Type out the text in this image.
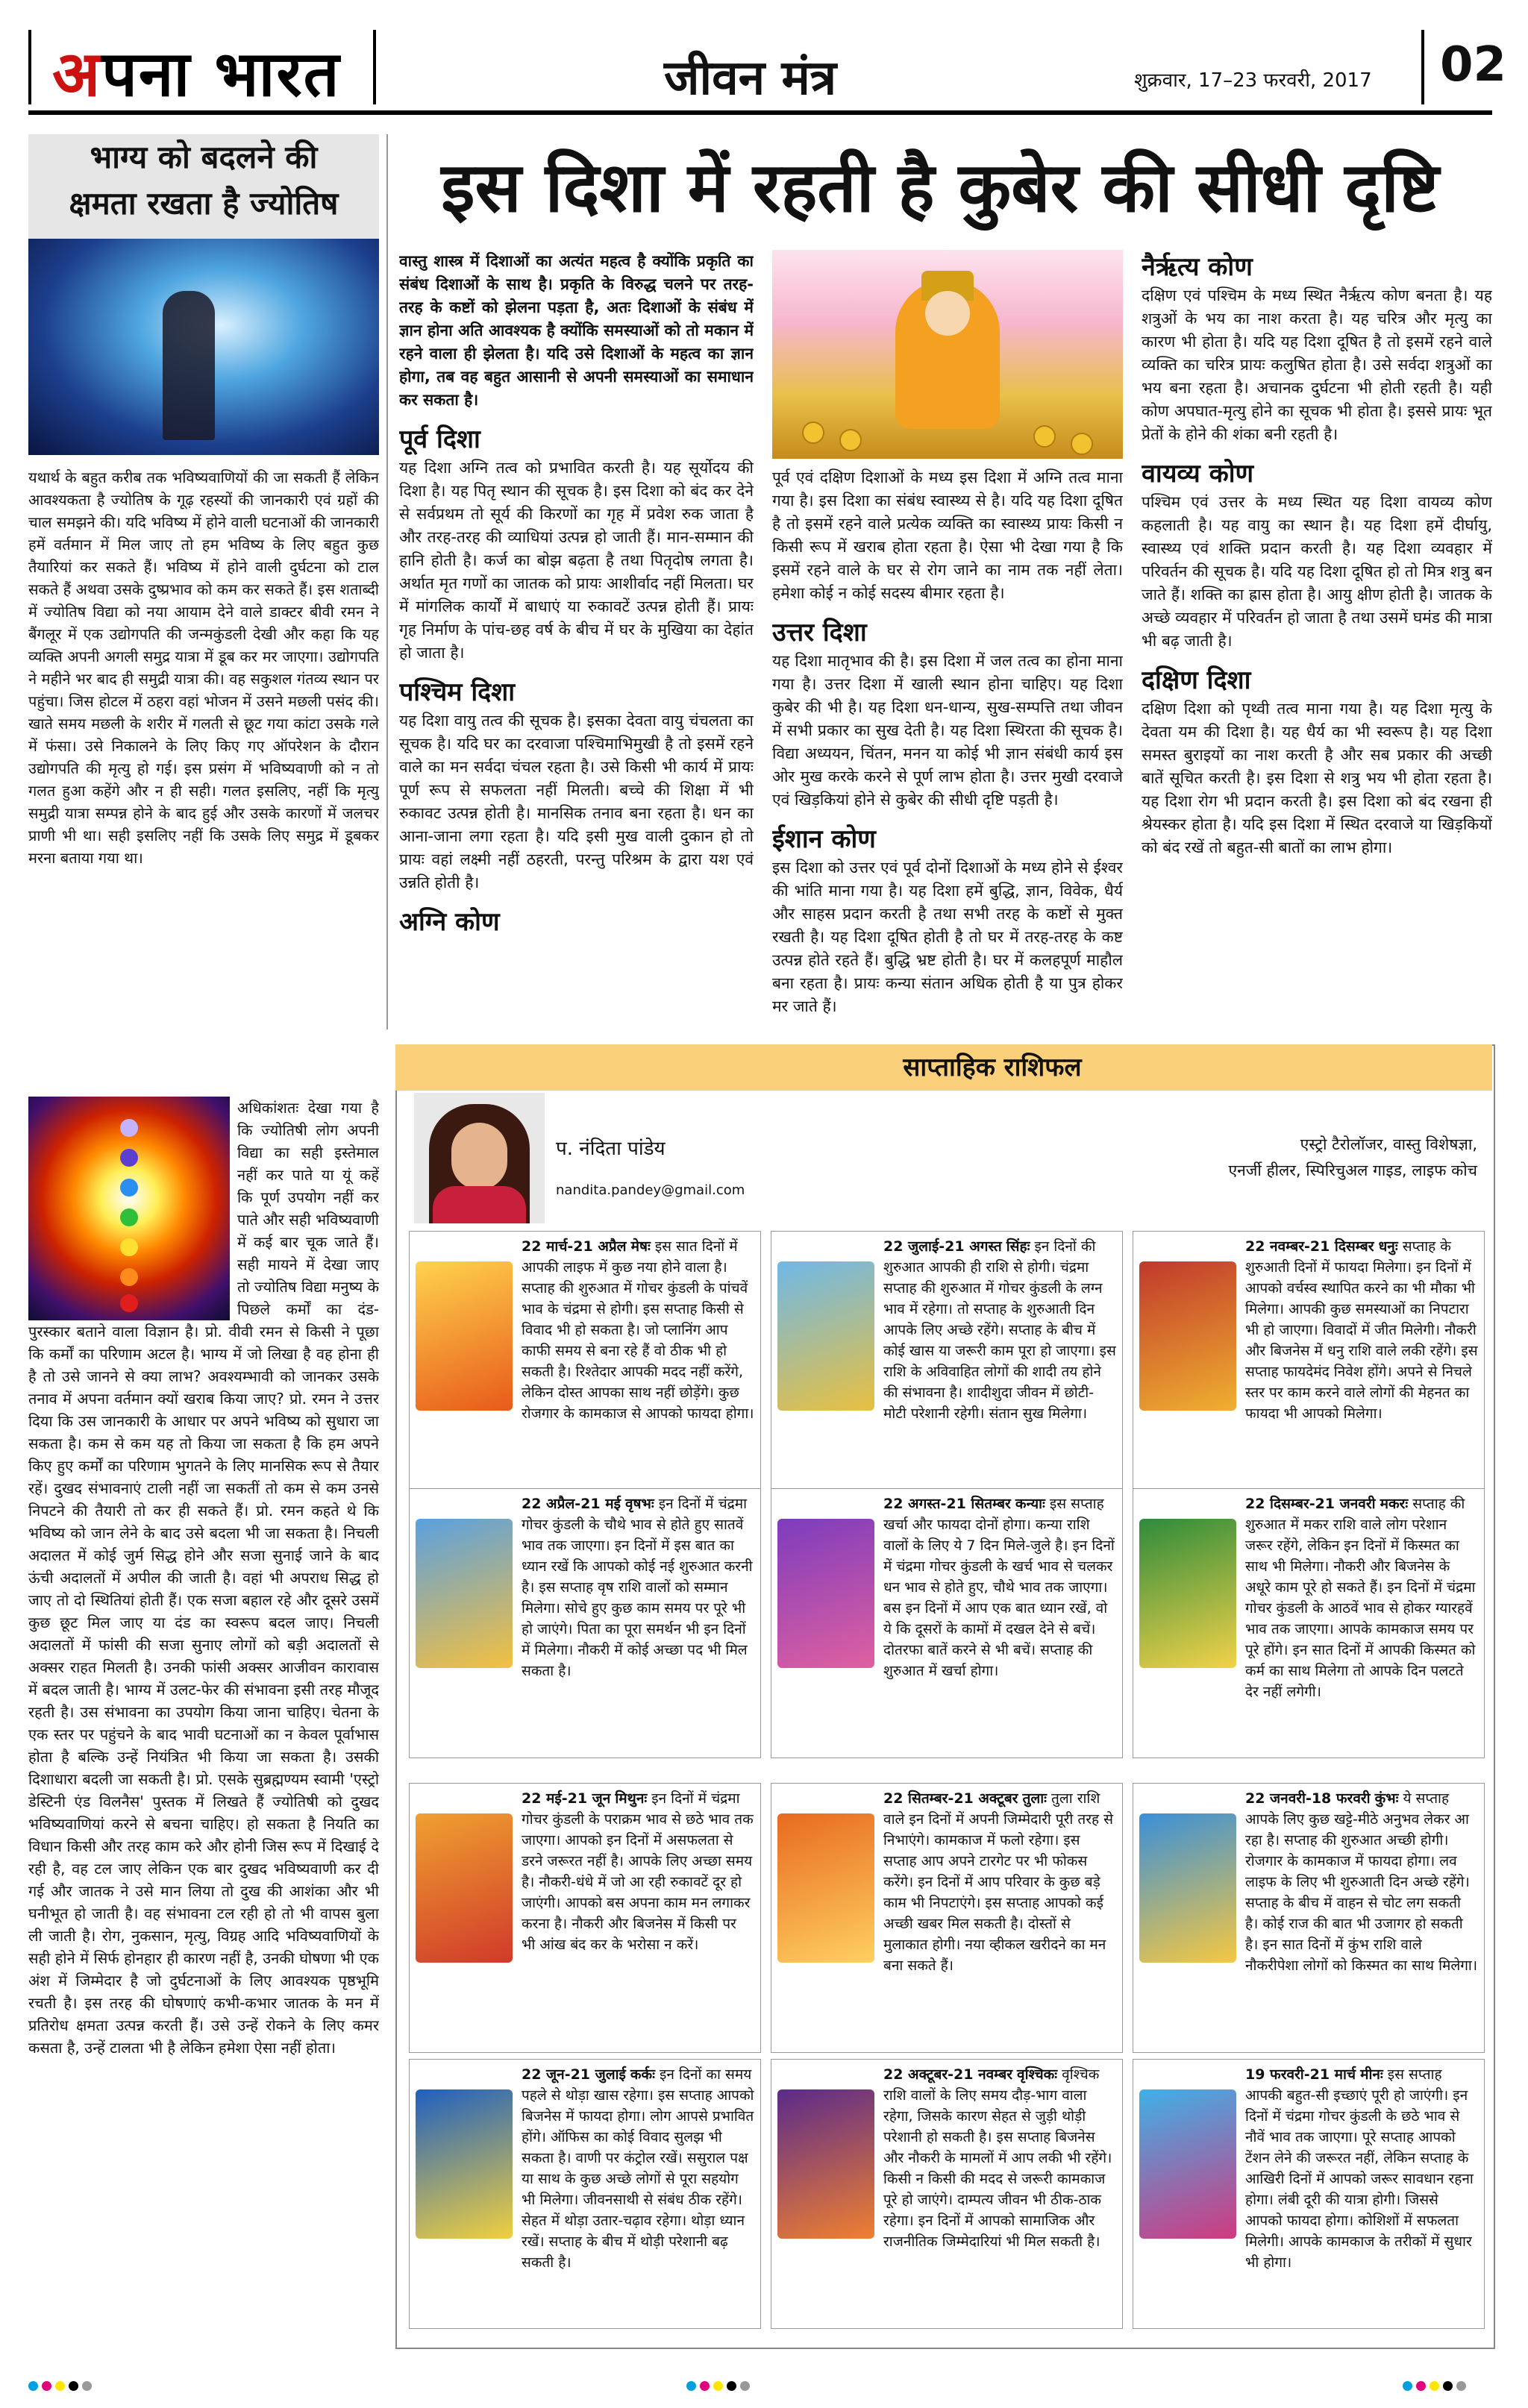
अपना भारत	जीवन मंत्र	शुक्रवार, 17–23 फरवरी, 2017 02
भाग्य को बदलने की
क्षमता रखता है ज्योतिष
यथार्थ के बहुत करीब तक भविष्यवाणियों की जा सकती हैं लेकिन आवश्यकता है ज्योतिष के गूढ़ रहस्यों की जानकारी एवं ग्रहों की चाल समझने की। यदि भविष्य में होने वाली घटनाओं की जानकारी हमें वर्तमान में मिल जाए तो हम भविष्य के लिए बहुत कुछ तैयारियां कर सकते हैं। भविष्य में होने वाली दुर्घटना को टाल सकते हैं अथवा उसके दुष्प्रभाव को कम कर सकते हैं। इस शताब्दी में ज्योतिष विद्या को नया आयाम देने वाले डाक्टर बीवी रमन ने बैंगलूर में एक उद्योगपति की जन्मकुंडली देखी और कहा कि यह व्यक्ति अपनी अगली समुद्र यात्रा में डूब कर मर जाएगा। उद्योगपति ने महीने भर बाद ही समुद्री यात्रा की। वह सकुशल गंतव्य स्थान पर पहुंचा। जिस होटल में ठहरा वहां भोजन में उसने मछली पसंद की। खाते समय मछली के शरीर में गलती से छूट गया कांटा उसके गले में फंसा। उसे निकालने के लिए किए गए ऑपरेशन के दौरान उद्योगपति की मृत्यु हो गई। इस प्रसंग में भविष्यवाणी को न तो गलत हुआ कहेंगे और न ही सही। गलत इसलिए, नहीं कि मृत्यु समुद्री यात्रा सम्पन्न होने के बाद हुई और उसके कारणों में जलचर प्राणी भी था। सही इसलिए नहीं कि उसके लिए समुद्र में डूबकर मरना बताया गया था।
अधिकांशतः देखा गया है कि ज्योतिषी लोग अपनी विद्या का सही इस्तेमाल नहीं कर पाते या यूं कहें कि पूर्ण उपयोग नहीं कर पाते और सही भविष्यवाणी में कई बार चूक जाते हैं। सही मायने में देखा जाए तो ज्योतिष विद्या मनुष्य के पिछले कर्मों का दंड-पुरस्कार बताने वाला विज्ञान है। प्रो. वीवी रमन से किसी ने पूछा कि कर्मों का परिणाम अटल है। भाग्य में जो लिखा है वह होना ही है तो उसे जानने से क्या लाभ? अवश्यम्भावी को जानकर उसके तनाव में अपना वर्तमान क्यों खराब किया जाए? प्रो. रमन ने उत्तर दिया कि उस जानकारी के आधार पर अपने भविष्य को सुधारा जा सकता है। कम से कम यह तो किया जा सकता है कि हम अपने किए हुए कर्मों का परिणाम भुगतने के लिए मानसिक रूप से तैयार रहें। दुखद संभावनाएं टाली नहीं जा सकतीं तो कम से कम उनसे निपटने की तैयारी तो कर ही सकते हैं। प्रो. रमन कहते थे कि भविष्य को जान लेने के बाद उसे बदला भी जा सकता है। निचली अदालत में कोई जुर्म सिद्ध होने और सजा सुनाई जाने के बाद ऊंची अदालतों में अपील की जाती है। वहां भी अपराध सिद्ध हो जाए तो दो स्थितियां होती हैं। एक सजा बहाल रहे और दूसरे उसमें कुछ छूट मिल जाए या दंड का स्वरूप बदल जाए। निचली अदालतों में फांसी की सजा सुनाए लोगों को बड़ी अदालतों से अक्सर राहत मिलती है। उनकी फांसी अक्सर आजीवन कारावास में बदल जाती है। भाग्य में उलट-फेर की संभावना इसी तरह मौजूद रहती है। उस संभावना का उपयोग किया जाना चाहिए। चेतना के एक स्तर पर पहुंचने के बाद भावी घटनाओं का न केवल पूर्वाभास होता है बल्कि उन्हें नियंत्रित भी किया जा सकता है। उसकी दिशाधारा बदली जा सकती है। प्रो. एसके सुब्रह्मण्यम स्वामी 'एस्ट्रो डेस्टिनी एंड विलनैस' पुस्तक में लिखते हैं ज्योतिषी को दुखद भविष्यवाणियां करने से बचना चाहिए। हो सकता है नियति का विधान किसी और तरह काम करे और होनी जिस रूप में दिखाई दे रही है, वह टल जाए लेकिन एक बार दुखद भविष्यवाणी कर दी गई और जातक ने उसे मान लिया तो दुख की आशंका और भी घनीभूत हो जाती है। वह संभावना टल रही हो तो भी वापस बुला ली जाती है। रोग, नुकसान, मृत्यु, विग्रह आदि भविष्यवाणियों के सही होने में सिर्फ होनहार ही कारण नहीं है, उनकी घोषणा भी एक अंश में जिम्मेदार है जो दुर्घटनाओं के लिए आवश्यक पृष्ठभूमि रचती है। इस तरह की घोषणाएं कभी-कभार जातक के मन में प्रतिरोध क्षमता उत्पन्न करती हैं। उसे उन्हें रोकने के लिए कमर कसता है, उन्हें टालता भी है लेकिन हमेशा ऐसा नहीं होता।
इस दिशा में रहती है कुबेर की सीधी दृष्टि
वास्तु शास्त्र में दिशाओं का अत्यंत महत्व है क्योंकि प्रकृति का संबंध दिशाओं के साथ है। प्रकृति के विरुद्ध चलने पर तरह-तरह के कष्टों को झेलना पड़ता है, अतः दिशाओं के संबंध में ज्ञान होना अति आवश्यक है क्योंकि समस्याओं को तो मकान में रहने वाला ही झेलता है। यदि उसे दिशाओं के महत्व का ज्ञान होगा, तब वह बहुत आसानी से अपनी समस्याओं का समाधान कर सकता है।
पूर्व दिशा
यह दिशा अग्नि तत्व को प्रभावित करती है। यह सूर्योदय की दिशा है। यह पितृ स्थान की सूचक है। इस दिशा को बंद कर देने से सर्वप्रथम तो सूर्य की किरणों का गृह में प्रवेश रुक जाता है और तरह-तरह की व्याधियां उत्पन्न हो जाती हैं। मान-सम्मान की हानि होती है। कर्ज का बोझ बढ़ता है तथा पितृदोष लगता है। अर्थात मृत गणों का जातक को प्रायः आशीर्वाद नहीं मिलता। घर में मांगलिक कार्यों में बाधाएं या रुकावटें उत्पन्न होती हैं। प्रायः गृह निर्माण के पांच-छह वर्ष के बीच में घर के मुखिया का देहांत हो जाता है।
पश्चिम दिशा
यह दिशा वायु तत्व की सूचक है। इसका देवता वायु चंचलता का सूचक है। यदि घर का दरवाजा पश्चिमाभिमुखी है तो इसमें रहने वाले का मन सर्वदा चंचल रहता है। उसे किसी भी कार्य में प्रायः पूर्ण रूप से सफलता नहीं मिलती। बच्चे की शिक्षा में भी रुकावट उत्पन्न होती है। मानसिक तनाव बना रहता है। धन का आना-जाना लगा रहता है। यदि इसी मुख वाली दुकान हो तो प्रायः वहां लक्ष्मी नहीं ठहरती, परन्तु परिश्रम के द्वारा यश एवं उन्नति होती है।
अग्नि कोण
पूर्व एवं दक्षिण दिशाओं के मध्य इस दिशा में अग्नि तत्व माना गया है। इस दिशा का संबंध स्वास्थ्य से है। यदि यह दिशा दूषित है तो इसमें रहने वाले प्रत्येक व्यक्ति का स्वास्थ्य प्रायः किसी न किसी रूप में खराब होता रहता है। ऐसा भी देखा गया है कि इसमें रहने वाले के घर से रोग जाने का नाम तक नहीं लेता। हमेशा कोई न कोई सदस्य बीमार रहता है।
उत्तर दिशा
यह दिशा मातृभाव की है। इस दिशा में जल तत्व का होना माना गया है। उत्तर दिशा में खाली स्थान होना चाहिए। यह दिशा कुबेर की भी है। यह दिशा धन-धान्य, सुख-सम्पत्ति तथा जीवन में सभी प्रकार का सुख देती है। यह दिशा स्थिरता की सूचक है। विद्या अध्ययन, चिंतन, मनन या कोई भी ज्ञान संबंधी कार्य इस ओर मुख करके करने से पूर्ण लाभ होता है। उत्तर मुखी दरवाजे एवं खिड़कियां होने से कुबेर की सीधी दृष्टि पड़ती है।
ईशान कोण
इस दिशा को उत्तर एवं पूर्व दोनों दिशाओं के मध्य होने से ईश्वर की भांति माना गया है। यह दिशा हमें बुद्धि, ज्ञान, विवेक, धैर्य और साहस प्रदान करती है तथा सभी तरह के कष्टों से मुक्त रखती है। यह दिशा दूषित होती है तो घर में तरह-तरह के कष्ट उत्पन्न होते रहते हैं। बुद्धि भ्रष्ट होती है। घर में कलहपूर्ण माहौल बना रहता है। प्रायः कन्या संतान अधिक होती है या पुत्र होकर मर जाते हैं।
नैर्ऋत्य कोण
दक्षिण एवं पश्चिम के मध्य स्थित नैर्ऋत्य कोण बनता है। यह शत्रुओं के भय का नाश करता है। यह चरित्र और मृत्यु का कारण भी होता है। यदि यह दिशा दूषित है तो इसमें रहने वाले व्यक्ति का चरित्र प्रायः कलुषित होता है। उसे सर्वदा शत्रुओं का भय बना रहता है। अचानक दुर्घटना भी होती रहती है। यही कोण अपघात-मृत्यु होने का सूचक भी होता है। इससे प्रायः भूत प्रेतों के होने की शंका बनी रहती है।
वायव्य कोण
पश्चिम एवं उत्तर के मध्य स्थित यह दिशा वायव्य कोण कहलाती है। यह वायु का स्थान है। यह दिशा हमें दीर्घायु, स्वास्थ्य एवं शक्ति प्रदान करती है। यह दिशा व्यवहार में परिवर्तन की सूचक है। यदि यह दिशा दूषित हो तो मित्र शत्रु बन जाते हैं। शक्ति का ह्रास होता है। आयु क्षीण होती है। जातक के अच्छे व्यवहार में परिवर्तन हो जाता है तथा उसमें घमंड की मात्रा भी बढ़ जाती है।
दक्षिण दिशा
दक्षिण दिशा को पृथ्वी तत्व माना गया है। यह दिशा मृत्यु के देवता यम की दिशा है। यह धैर्य का भी स्वरूप है। यह दिशा समस्त बुराइयों का नाश करती है और सब प्रकार की अच्छी बातें सूचित करती है। इस दिशा से शत्रु भय भी होता रहता है। यह दिशा रोग भी प्रदान करती है। इस दिशा को बंद रखना ही श्रेयस्कर होता है। यदि इस दिशा में स्थित दरवाजे या खिड़कियों को बंद रखें तो बहुत-सी बातों का लाभ होगा।
साप्ताहिक राशिफल
प. नंदिता पांडेय
nandita.pandey@gmail.com
एस्ट्रो टैरोलॉजर, वास्तु विशेषज्ञा,
एनर्जी हीलर, स्पिरिचुअल गाइड, लाइफ कोच
22 मार्च-21 अप्रैल मेषः इस सात दिनों में आपकी लाइफ में कुछ नया होने वाला है। सप्ताह की शुरुआत में गोचर कुंडली के पांचवें भाव के चंद्रमा से होगी। इस सप्ताह किसी से विवाद भी हो सकता है। जो प्लानिंग आप काफी समय से बना रहे हैं वो ठीक भी हो सकती है। रिश्तेदार आपकी मदद नहीं करेंगे, लेकिन दोस्त आपका साथ नहीं छोड़ेंगे। कुछ रोजगार के कामकाज से आपको फायदा होगा।
22 जुलाई-21 अगस्त सिंहः इन दिनों की शुरुआत आपकी ही राशि से होगी। चंद्रमा सप्ताह की शुरुआत में गोचर कुंडली के लग्न भाव में रहेगा। तो सप्ताह के शुरुआती दिन आपके लिए अच्छे रहेंगे। सप्ताह के बीच में कोई खास या जरूरी काम पूरा हो जाएगा। इस राशि के अविवाहित लोगों की शादी तय होने की संभावना है। शादीशुदा जीवन में छोटी-मोटी परेशानी रहेगी। संतान सुख मिलेगा।
22 नवम्बर-21 दिसम्बर धनुः सप्ताह के शुरुआती दिनों में फायदा मिलेगा। इन दिनों में आपको वर्चस्व स्थापित करने का भी मौका भी मिलेगा। आपकी कुछ समस्याओं का निपटारा भी हो जाएगा। विवादों में जीत मिलेगी। नौकरी और बिजनेस में धनु राशि वाले लकी रहेंगे। इस सप्ताह फायदेमंद निवेश होंगे। अपने से निचले स्तर पर काम करने वाले लोगों की मेहनत का फायदा भी आपको मिलेगा।
22 अप्रैल-21 मई वृषभः इन दिनों में चंद्रमा गोचर कुंडली के चौथे भाव से होते हुए सातवें भाव तक जाएगा। इन दिनों में इस बात का ध्यान रखें कि आपको कोई नई शुरुआत करनी है। इस सप्ताह वृष राशि वालों को सम्मान मिलेगा। सोचे हुए कुछ काम समय पर पूरे भी हो जाएंगे। पिता का पूरा समर्थन भी इन दिनों में मिलेगा। नौकरी में कोई अच्छा पद भी मिल सकता है।
22 अगस्त-21 सितम्बर कन्याः इस सप्ताह खर्चा और फायदा दोनों होगा। कन्या राशि वालों के लिए ये 7 दिन मिले-जुले है। इन दिनों में चंद्रमा गोचर कुंडली के खर्च भाव से चलकर धन भाव से होते हुए, चौथे भाव तक जाएगा। बस इन दिनों में आप एक बात ध्यान रखें, वो ये कि दूसरों के कामों में दखल देने से बचें। दोतरफा बातें करने से भी बचें। सप्ताह की शुरुआत में खर्चा होगा।
22 दिसम्बर-21 जनवरी मकरः सप्ताह की शुरुआत में मकर राशि वाले लोग परेशान जरूर रहेंगे, लेकिन इन दिनों में किस्मत का साथ भी मिलेगा। नौकरी और बिजनेस के अधूरे काम पूरे हो सकते हैं। इन दिनों में चंद्रमा गोचर कुंडली के आठवें भाव से होकर ग्यारहवें भाव तक जाएगा। आपके कामकाज समय पर पूरे होंगे। इन सात दिनों में आपकी किस्मत को कर्म का साथ मिलेगा तो आपके दिन पलटते देर नहीं लगेगी।
22 मई-21 जून मिथुनः इन दिनों में चंद्रमा गोचर कुंडली के पराक्रम भाव से छठे भाव तक जाएगा। आपको इन दिनों में असफलता से डरने जरूरत नहीं है। आपके लिए अच्छा समय है। नौकरी-धंधे में जो आ रही रुकावटें दूर हो जाएंगी। आपको बस अपना काम मन लगाकर करना है। नौकरी और बिजनेस में किसी पर भी आंख बंद कर के भरोसा न करें।
22 सितम्बर-21 अक्टूबर तुलाः तुला राशि वाले इन दिनों में अपनी जिम्मेदारी पूरी तरह से निभाएंगे। कामकाज में फलो रहेगा। इस सप्ताह आप अपने टारगेट पर भी फोकस करेंगे। इन दिनों में आप परिवार के कुछ बड़े काम भी निपटाएंगे। इस सप्ताह आपको कई अच्छी खबर मिल सकती है। दोस्तों से मुलाकात होगी। नया व्हीकल खरीदने का मन बना सकते हैं।
22 जनवरी-18 फरवरी कुंभः ये सप्ताह आपके लिए कुछ खट्टे-मीठे अनुभव लेकर आ रहा है। सप्ताह की शुरुआत अच्छी होगी। रोजगार के कामकाज में फायदा होगा। लव लाइफ के लिए भी शुरुआती दिन अच्छे रहेंगे। सप्ताह के बीच में वाहन से चोट लग सकती है। कोई राज की बात भी उजागर हो सकती है। इन सात दिनों में कुंभ राशि वाले नौकरीपेशा लोगों को किस्मत का साथ मिलेगा।
22 जून-21 जुलाई कर्कः इन दिनों का समय पहले से थोड़ा खास रहेगा। इस सप्ताह आपको बिजनेस में फायदा होगा। लोग आपसे प्रभावित होंगे। ऑफिस का कोई विवाद सुलझ भी सकता है। वाणी पर कंट्रोल रखें। ससुराल पक्ष या साथ के कुछ अच्छे लोगों से पूरा सहयोग भी मिलेगा। जीवनसाथी से संबंध ठीक रहेंगे। सेहत में थोड़ा उतार-चढ़ाव रहेगा। थोड़ा ध्यान रखें। सप्ताह के बीच में थोड़ी परेशानी बढ़ सकती है।
22 अक्टूबर-21 नवम्बर वृश्चिकः वृश्चिक राशि वालों के लिए समय दौड़-भाग वाला रहेगा, जिसके कारण सेहत से जुड़ी थोड़ी परेशानी हो सकती है। इस सप्ताह बिजनेस और नौकरी के मामलों में आप लकी भी रहेंगे। किसी न किसी की मदद से जरूरी कामकाज पूरे हो जाएंगे। दाम्पत्य जीवन भी ठीक-ठाक रहेगा। इन दिनों में आपको सामाजिक और राजनीतिक जिम्मेदारियां भी मिल सकती है।
19 फरवरी-21 मार्च मीनः इस सप्ताह आपकी बहुत-सी इच्छाएं पूरी हो जाएंगी। इन दिनों में चंद्रमा गोचर कुंडली के छठे भाव से नौवें भाव तक जाएगा। पूरे सप्ताह आपको टेंशन लेने की जरूरत नहीं, लेकिन सप्ताह के आखिरी दिनों में आपको जरूर सावधान रहना होगा। लंबी दूरी की यात्रा होगी। जिससे आपको फायदा होगा। कोशिशों में सफलता मिलेगी। आपके कामकाज के तरीकों में सुधार भी होगा।
